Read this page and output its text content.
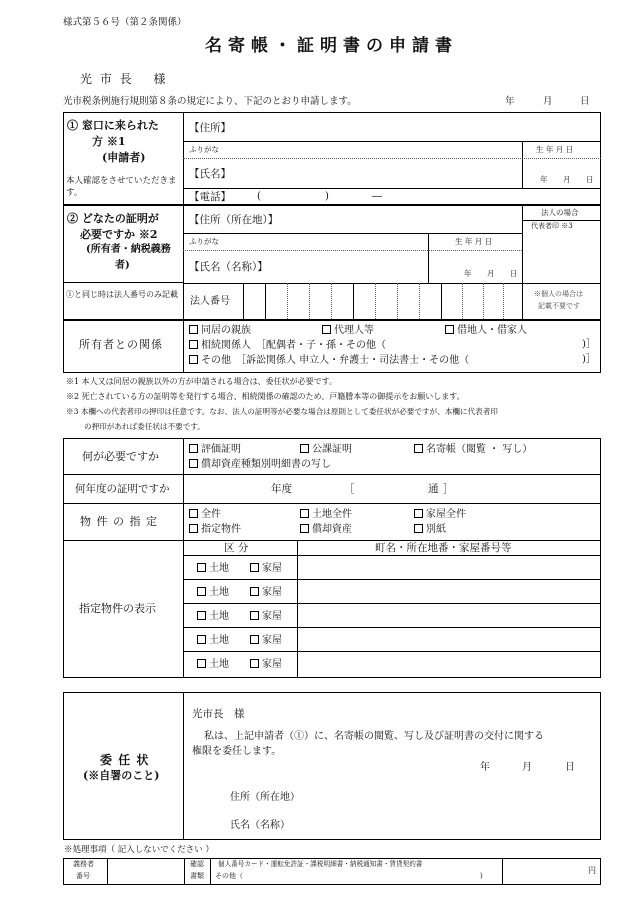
様式第５６号（第２条関係）
名寄帳・証明書の申請書
光 市 長　 様
光市税条例施行規則第８条の規定により、下記のとおり申請します。	年	月	日
① 窓口に来られた
方 ※1
(申請者)
本人確認をさせていただきます。
【住所】
ふりがな
【氏名】
生 年 月 日
年 月 日
【電話】	(	)	―
② どなたの証明が
必要ですか ※2
(所有者・納税義務
者)
①と同じ時は法人番号のみ記載
【住所（所在地）】
ふりがな
【氏名（名称）】
生 年 月 日
年 月 日
法人の場合
代表者印 ※3
法人番号
※個人の場合は
記載不要です
所有者との関係
同居の親族	代理人等	借地人・借家人
相続関係人　［配偶者・子・孫・その他（	)］
その他　［訴訟関係人 申立人・弁護士・司法書士・その他（	)］
※1 本人又は同居の親族以外の方が申請される場合は、委任状が必要です。
※2 死亡されている方の証明等を発行する場合、相続関係の確認のため、戸籍謄本等の御提示をお願いします。
※3 本欄への代表者印の押印は任意です。なお、法人の証明等が必要な場合は原則として委任状が必要ですが、本欄に代表者印
の押印があれば委任状は不要です。
何が必要ですか
評価証明	公課証明	名寄帳（閲覧 ・ 写し）
償却資産種類別明細書の写し
何年度の証明ですか	年度	［	通 ］
物 件 の 指 定
全件	土地全件	家屋全件
指定物件	償却資産	別紙
指定物件の表示
区 分	町名・所在地番・家屋番号等
土地	家屋
土地	家屋
土地	家屋
土地	家屋
土地	家屋
委 任 状
(※自署のこと)
光市長　様
私は、上記申請者（①）に、名寄帳の閲覧、写し及び証明書の交付に関する
権限を委任します。
年	月	日
住所（所在地）
氏名（名称）
※処理事項（ 記入しないでください ）
義務者
番号
確認
書類
個人番号カード・運転免許証・課税明細書・納税通知書・賃貸契約書
その他（	)
円
